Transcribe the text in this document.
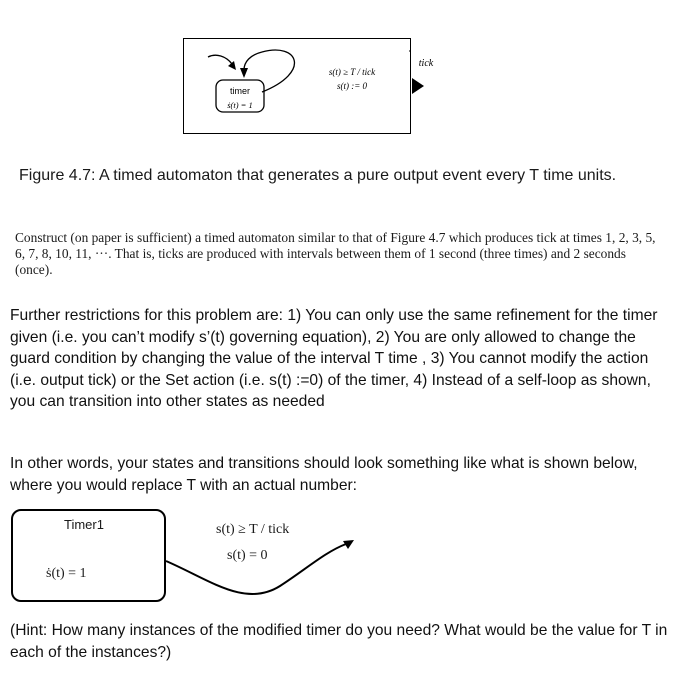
timer
ṡ(t) = 1
s(t) ≥ T / tick
s(t) := 0
tick
Figure 4.7: A timed automaton that generates a pure output event every T time units.
Construct (on paper is sufficient) a timed automaton similar to that of Figure 4.7 which produces tick at times 1, 2, 3, 5, 6, 7, 8, 10, 11, ···. That is, ticks are produced with intervals between them of 1 second (three times) and 2 seconds (once).
Further restrictions for this problem are: 1) You can only use the same refinement for the timer given (i.e. you can’t modify s’(t) governing equation), 2) You are only allowed to change the guard condition by changing the value of the interval T time , 3) You cannot modify the action (i.e. output tick) or the Set action (i.e. s(t) :=0) of the timer, 4) Instead of a self-loop as shown, you can transition into other states as needed
In other words, your states and transitions should look something like what is shown below, where you would replace T with an actual number:
Timer1
ṡ(t) = 1
s(t) ≥ T / tick
s(t) = 0
(Hint: How many instances of the modified timer do you need? What would be the value for T in each of the instances?)
